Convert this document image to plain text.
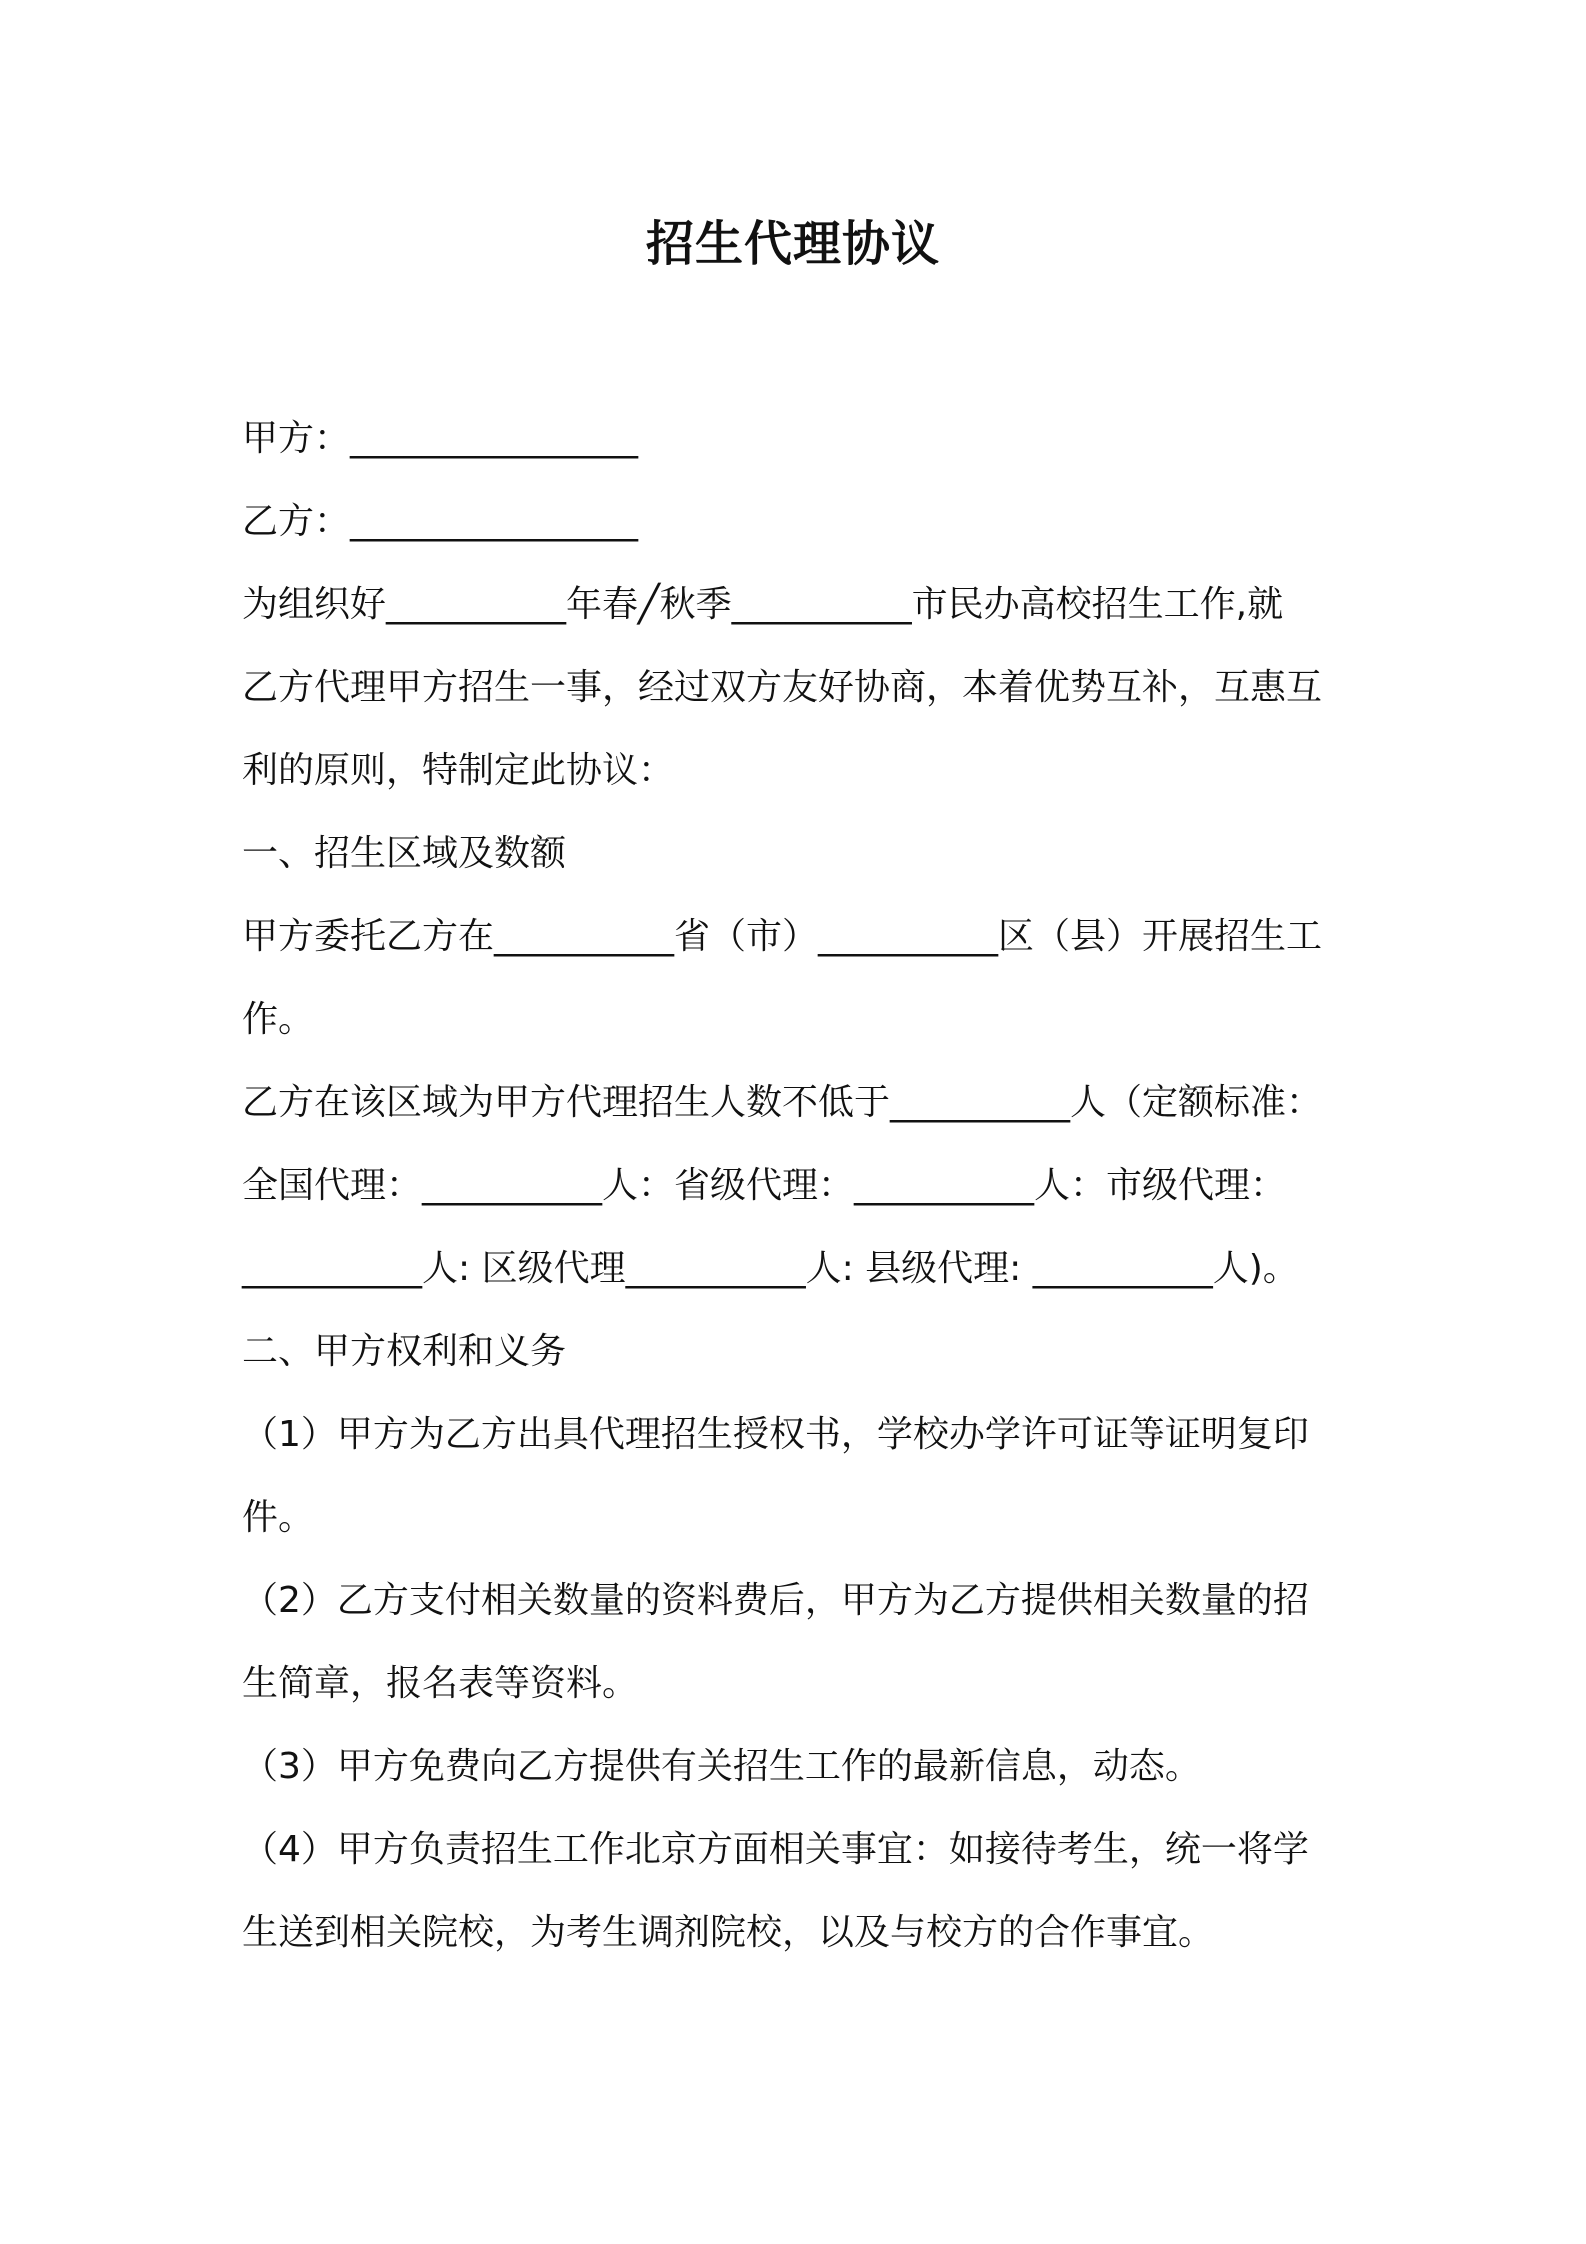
招生代理协议
甲方：________________
乙方：________________
为组织好__________年春╱秋季__________市民办高校招生工作,就
乙方代理甲方招生一事，经过双方友好协商，本着优势互补，互惠互
利的原则，特制定此协议：
一、招生区域及数额
甲方委托乙方在__________省（市）__________区（县）开展招生工
作。
乙方在该区域为甲方代理招生人数不低于__________人（定额标准：
全国代理：__________人：省级代理：__________人：市级代理：
__________人: 区级代理__________人: 县级代理: __________人)。
二、甲方权利和义务
（1）甲方为乙方出具代理招生授权书，学校办学许可证等证明复印
件。
（2）乙方支付相关数量的资料费后，甲方为乙方提供相关数量的招
生简章，报名表等资料。
（3）甲方免费向乙方提供有关招生工作的最新信息，动态。
（4）甲方负责招生工作北京方面相关事宜：如接待考生，统一将学
生送到相关院校，为考生调剂院校，以及与校方的合作事宜。
